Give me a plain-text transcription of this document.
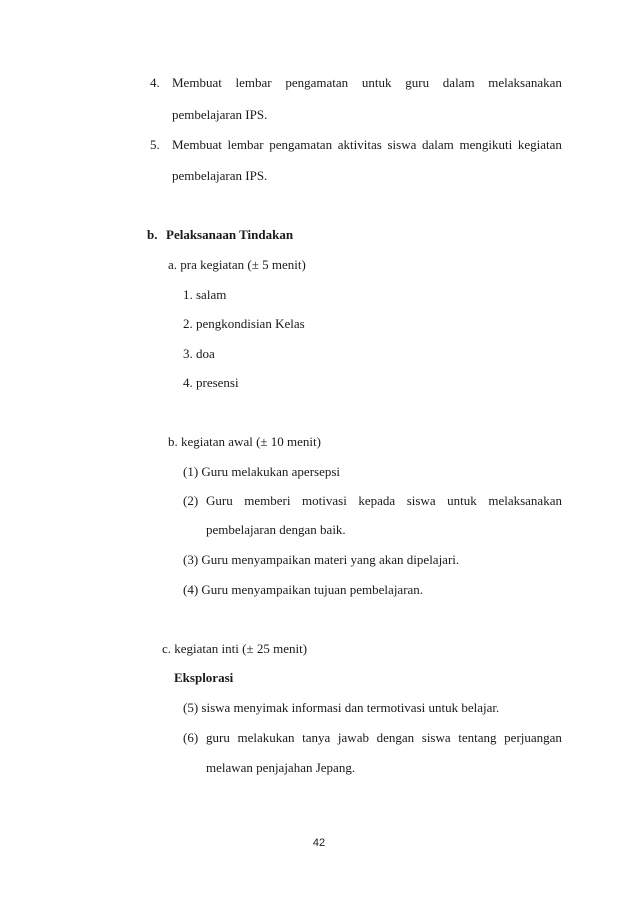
4. Membuat lembar pengamatan untuk guru dalam melaksanakan
pembelajaran IPS.
5. Membuat lembar pengamatan aktivitas siswa dalam mengikuti kegiatan
pembelajaran IPS.
b. Pelaksanaan Tindakan
a. pra kegiatan (± 5 menit)
1. salam
2. pengkondisian Kelas
3. doa
4. presensi
b. kegiatan awal (± 10 menit)
(1) Guru melakukan apersepsi
(2) Guru memberi motivasi kepada siswa untuk melaksanakan
pembelajaran dengan baik.
(3) Guru menyampaikan materi yang akan dipelajari.
(4) Guru menyampaikan tujuan pembelajaran.
c. kegiatan inti (± 25 menit)
Eksplorasi
(5) siswa menyimak informasi dan termotivasi untuk belajar.
(6) guru melakukan tanya jawab dengan siswa tentang perjuangan
melawan penjajahan Jepang.
42
